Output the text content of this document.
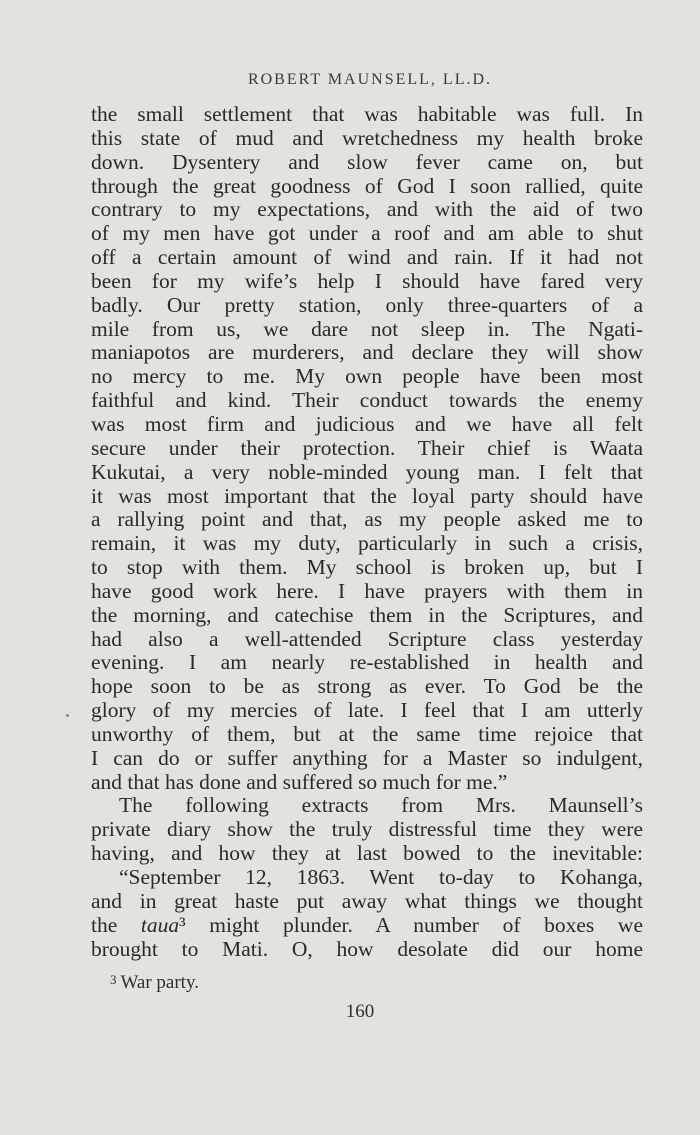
ROBERT MAUNSELL, LL.D.
the small settlement that was habitable was full. In
this state of mud and wretchedness my health broke
down. Dysentery and slow fever came on, but
through the great goodness of God I soon rallied, quite
contrary to my expectations, and with the aid of two
of my men have got under a roof and am able to shut
off a certain amount of wind and rain. If it had not
been for my wife’s help I should have fared very
badly. Our pretty station, only three-quarters of a
mile from us, we dare not sleep in. The Ngati-
maniapotos are murderers, and declare they will show
no mercy to me. My own people have been most
faithful and kind. Their conduct towards the enemy
was most firm and judicious and we have all felt
secure under their protection. Their chief is Waata
Kukutai, a very noble-minded young man. I felt that
it was most important that the loyal party should have
a rallying point and that, as my people asked me to
remain, it was my duty, particularly in such a crisis,
to stop with them. My school is broken up, but I
have good work here. I have prayers with them in
the morning, and catechise them in the Scriptures, and
had also a well-attended Scripture class yesterday
evening. I am nearly re-established in health and
hope soon to be as strong as ever. To God be the
glory of my mercies of late. I feel that I am utterly
unworthy of them, but at the same time rejoice that
I can do or suffer anything for a Master so indulgent,
and that has done and suffered so much for me.”
The following extracts from Mrs. Maunsell’s
private diary show the truly distressful time they were
having, and how they at last bowed to the inevitable:
“September 12, 1863. Went to-day to Kohanga,
and in great haste put away what things we thought
the taua³ might plunder. A number of boxes we
brought to Mati. O, how desolate did our home
$^3$ War party.
160
